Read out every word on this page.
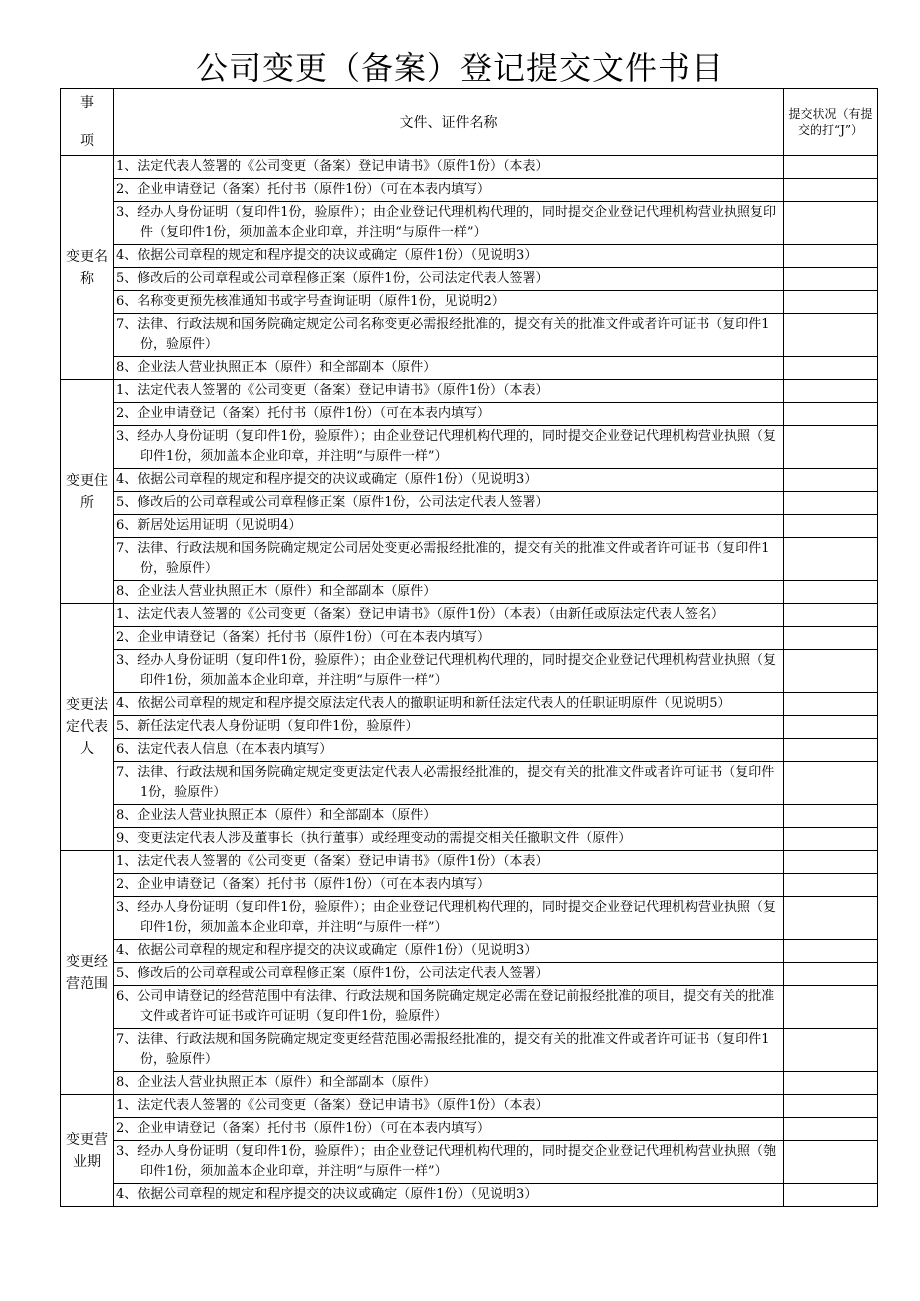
公司变更（备案）登记提交文件书目
事
项	文件、证件名称	提交状况（有提交的打“J”）
变更名称	1、法定代表人签署的《公司变更（备案）登记申请书》（原件1份）（本表）	

	2、企业申请登记（备案）托付书（原件1份）（可在本表内填写）	

	3、经办人身份证明（复印件1份，验原件）；由企业登记代理机构代理的，同时提交企业登记代理机构营业执照复印件（复印件1份，须加盖本企业印章，并注明“与原件一样”）	

	4、依据公司章程的规定和程序提交的决议或确定（原件1份）（见说明3）	

	5、修改后的公司章程或公司章程修正案（原件1份，公司法定代表人签署）	

	6、名称变更预先核准通知书或字号查询证明（原件1份，见说明2）	

	7、法律、行政法规和国务院确定规定公司名称变更必需报经批准的，提交有关的批准文件或者许可证书（复印件1份，验原件）	

	8、企业法人营业执照正本（原件）和全部副本（原件）	

变更住所	1、法定代表人签署的《公司变更（备案）登记申请书》（原件1份）（本表）	

	2、企业申请登记（备案）托付书（原件1份）（可在本表内填写）	

	3、经办人身份证明（复印件1份，验原件）；由企业登记代理机构代理的，同时提交企业登记代理机构营业执照（复印件1份，须加盖本企业印章，并注明“与原件一样”）	

	4、依据公司章程的规定和程序提交的决议或确定（原件1份）（见说明3）	

	5、修改后的公司章程或公司章程修正案（原件1份，公司法定代表人签署）	

	6、新居处运用证明（见说明4）	

	7、法律、行政法规和国务院确定规定公司居处变更必需报经批准的，提交有关的批准文件或者许可证书（复印件1份，验原件）	

	8、企业法人营业执照正木（原件）和全部副本（原件）	

变更法定代表人	1、法定代表人签署的《公司变更（备案）登记申请书》（原件1份）（本表）（由新任或原法定代表人签名）	

	2、企业申请登记（备案）托付书（原件1份）（可在本表内填写）	

	3、经办人身份证明（复印件1份，验原件）；由企业登记代理机构代理的，同时提交企业登记代理机构营业执照（复印件1份，须加盖本企业印章，并注明“与原件一样”）	

	4、依据公司章程的规定和程序提交原法定代表人的撤职证明和新任法定代表人的任职证明原件（见说明5）	

	5、新任法定代表人身份证明（复印件1份，验原件）	

	6、法定代表人信息（在本表内填写）	

	7、法律、行政法规和国务院确定规定变更法定代表人必需报经批准的，提交有关的批准文件或者许可证书（复印件1份，验原件）	

	8、企业法人营业执照正本（原件）和全部副本（原件）	

	9、变更法定代表人涉及董事长（执行董事）或经理变动的需提交相关任撤职文件（原件）	

变更经营范围	1、法定代表人签署的《公司变更（备案）登记申请书》（原件1份）（本表）	

	2、企业申请登记（备案）托付书（原件1份）（可在本表内填写）	

	3、经办人身份证明（复印件1份，验原件）；由企业登记代理机构代理的，同时提交企业登记代理机构营业执照（复印件1份，须加盖本企业印章，并注明“与原件一样”）	

	4、依据公司章程的规定和程序提交的决议或确定（原件1份）（见说明3）	

	5、修改后的公司章程或公司章程修正案（原件1份，公司法定代表人签署）	

	6、公司申请登记的经营范围中有法律、行政法规和国务院确定规定必需在登记前报经批准的项目，提交有关的批准文件或者许可证书或许可证明（复印件1份，验原件）	

	7、法律、行政法规和国务院确定规定变更经营范围必需报经批准的，提交有关的批准文件或者许可证书（复印件1份，验原件）	

	8、企业法人营业执照正本（原件）和全部副本（原件）	

变更营业期	1、法定代表人签署的《公司变更（备案）登记申请书》（原件1份）（本表）	

	2、企业申请登记（备案）托付书（原件1份）（可在本表内填写）	

	3、经办人身份证明（复印件1份，验原件）；由企业登记代理机构代理的，同时提交企业登记代理机构营业执照（匏印件1份，须加盖本企业印章，并注明“与原件一样”）	

	4、依据公司章程的规定和程序提交的决议或确定（原件1份）（见说明3）	
